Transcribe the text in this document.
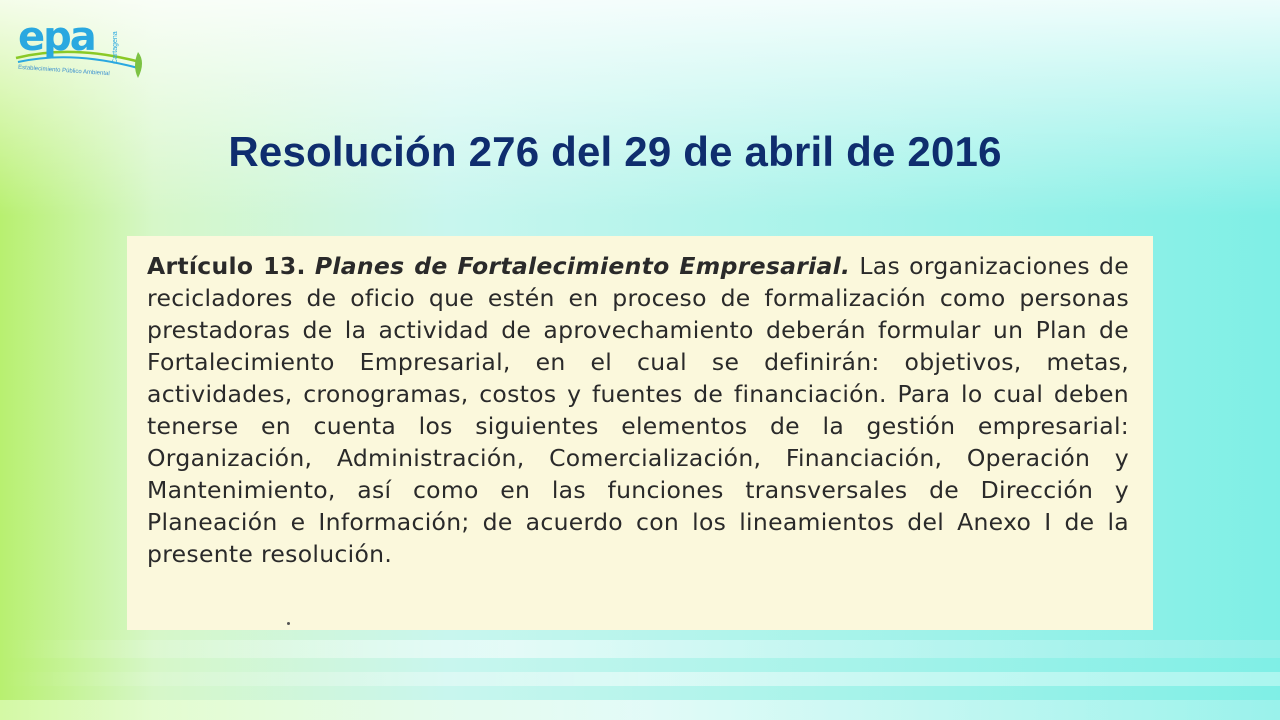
epa Cartagena
Establecimiento Público Ambiental
Resolución 276 del 29 de abril de 2016

Artículo 13. Planes de Fortalecimiento Empresarial. Las organizaciones de recicladores de oficio que estén en proceso de formalización como personas prestadoras de la actividad de aprovechamiento deberán formular un Plan de Fortalecimiento Empresarial, en el cual se definirán: objetivos, metas, actividades, cronogramas, costos y fuentes de financiación. Para lo cual deben tenerse en cuenta los siguientes elementos de la gestión empresarial: Organización, Administración, Comercialización, Financiación, Operación y Mantenimiento, así como en las funciones transversales de Dirección y Planeación e Información; de acuerdo con los lineamientos del Anexo I de la presente resolución.
